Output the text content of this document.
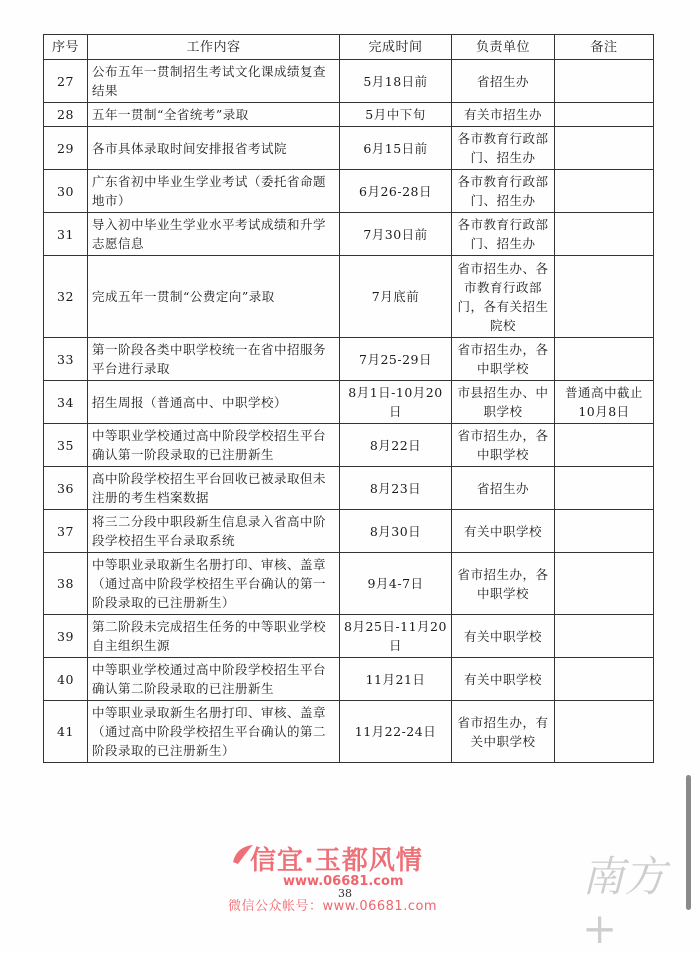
序号	工作内容	完成时间	负责单位	备注
27	公布五年一贯制招生考试文化课成绩复查结果	5月18日前	省招生办	
28	五年一贯制“全省统考”录取	5月中下旬	有关市招生办	
29	各市具体录取时间安排报省考试院	6月15日前	各市教育行政部门、招生办	
30	广东省初中毕业生学业考试（委托省命题地市）	6月26-28日	各市教育行政部门、招生办	
31	导入初中毕业生学业水平考试成绩和升学志愿信息	7月30日前	各市教育行政部门、招生办	
32	完成五年一贯制“公费定向”录取	7月底前	省市招生办、各市教育行政部门，各有关招生院校	
33	第一阶段各类中职学校统一在省中招服务平台进行录取	7月25-29日	省市招生办，各中职学校	
34	招生周报（普通高中、中职学校）	8月1日-10月20日	市县招生办、中职学校	普通高中截止10月8日
35	中等职业学校通过高中阶段学校招生平台确认第一阶段录取的已注册新生	8月22日	省市招生办，各中职学校	
36	高中阶段学校招生平台回收已被录取但未注册的考生档案数据	8月23日	省招生办	
37	将三二分段中职段新生信息录入省高中阶段学校招生平台录取系统	8月30日	有关中职学校	
38	中等职业录取新生名册打印、审核、盖章（通过高中阶段学校招生平台确认的第一阶段录取的已注册新生）	9月4-7日	省市招生办，各中职学校	
39	第二阶段未完成招生任务的中等职业学校自主组织生源	8月25日-11月20日	有关中职学校	
40	中等职业学校通过高中阶段学校招生平台确认第二阶段录取的已注册新生	11月21日	有关中职学校	
41	中等职业录取新生名册打印、审核、盖章（通过高中阶段学校招生平台确认的第二阶段录取的已注册新生）	11月22-24日	省市招生办，有关中职学校	
信宜·玉都风情
www.06681.com
38
微信公众帐号：www.06681.com
南方+
